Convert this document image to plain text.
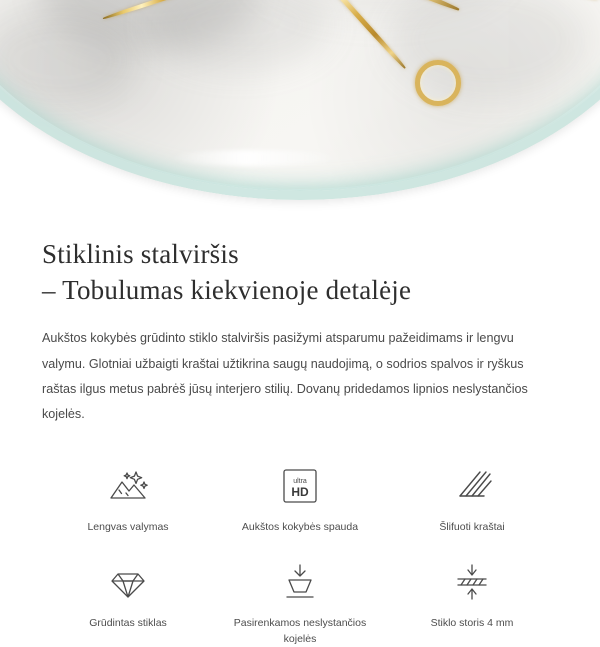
Stiklinis stalviršis
– Tobulumas kiekvienoje detalėje

Aukštos kokybės grūdinto stiklo stalviršis pasižymi atsparumu pažeidimams ir lengvu valymu. Glotniai užbaigti kraštai užtikrina saugų naudojimą, o sodrios spalvos ir ryškus raštas ilgus metus pabrėš jūsų interjero stilių. Dovanų pridedamos lipnios neslystančios kojelės.

Lengvas valymas
ultra
HD
Aukštos kokybės spauda	Šlifuoti kraštai
Grūdintas stiklas	Pasirenkamos neslystančios kojelės
Stiklo storis 4 mm
